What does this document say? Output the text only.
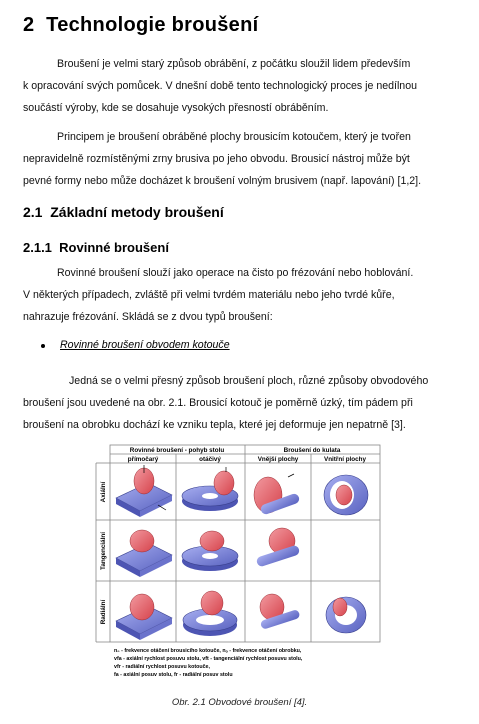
2 Technologie broušení
Broušení je velmi starý způsob obrábění, z počátku sloužil lidem především
k opracování svých pomůcek. V dnešní době tento technologický proces je nedílnou
součástí výroby, kde se dosahuje vysokých přesností obráběním.
Principem je broušení obráběné plochy brousicím kotoučem, který je tvořen
nepravidelně rozmístěnými zrny brusiva po jeho obvodu. Brousicí nástroj může být
pevné formy nebo může docházet k broušení volným brusivem (např. lapování) [1,2].
2.1 Základní metody broušení
2.1.1 Rovinné broušení
Rovinné broušení slouží jako operace na čisto po frézování nebo hoblování.
V některých případech, zvláště při velmi tvrdém materiálu nebo jeho tvrdé kůře,
nahrazuje frézování. Skládá se z dvou typů broušení:
Rovinné broušení obvodem kotouče
Jedná se o velmi přesný způsob broušení ploch, různé způsoby obvodového
broušení jsou uvedené na obr. 2.1. Brousicí kotouč je poměrně úzký, tím pádem při
broušení na obrobku dochází ke vzniku tepla, které jej deformuje jen nepatrně [3].
Rovinné broušení - pohyb stolu	Broušení do kulata
přímočarý	otáčivý	Vnější plochy	Vnitřní plochy
Axiální
Tangenciální
Radiální
n₀ - frekvence otáčení brousicího kotouče, nₒ - frekvence otáčení obrobku,
vfa - axiální rychlost posuvu stolu, vft - tangenciální rychlost posuvu stolu,
vfr - radiální rychlost posuvu kotouče,
fa - axiální posuv stolu, fr - radiální posuv stolu
Obr. 2.1 Obvodové broušení [4].
